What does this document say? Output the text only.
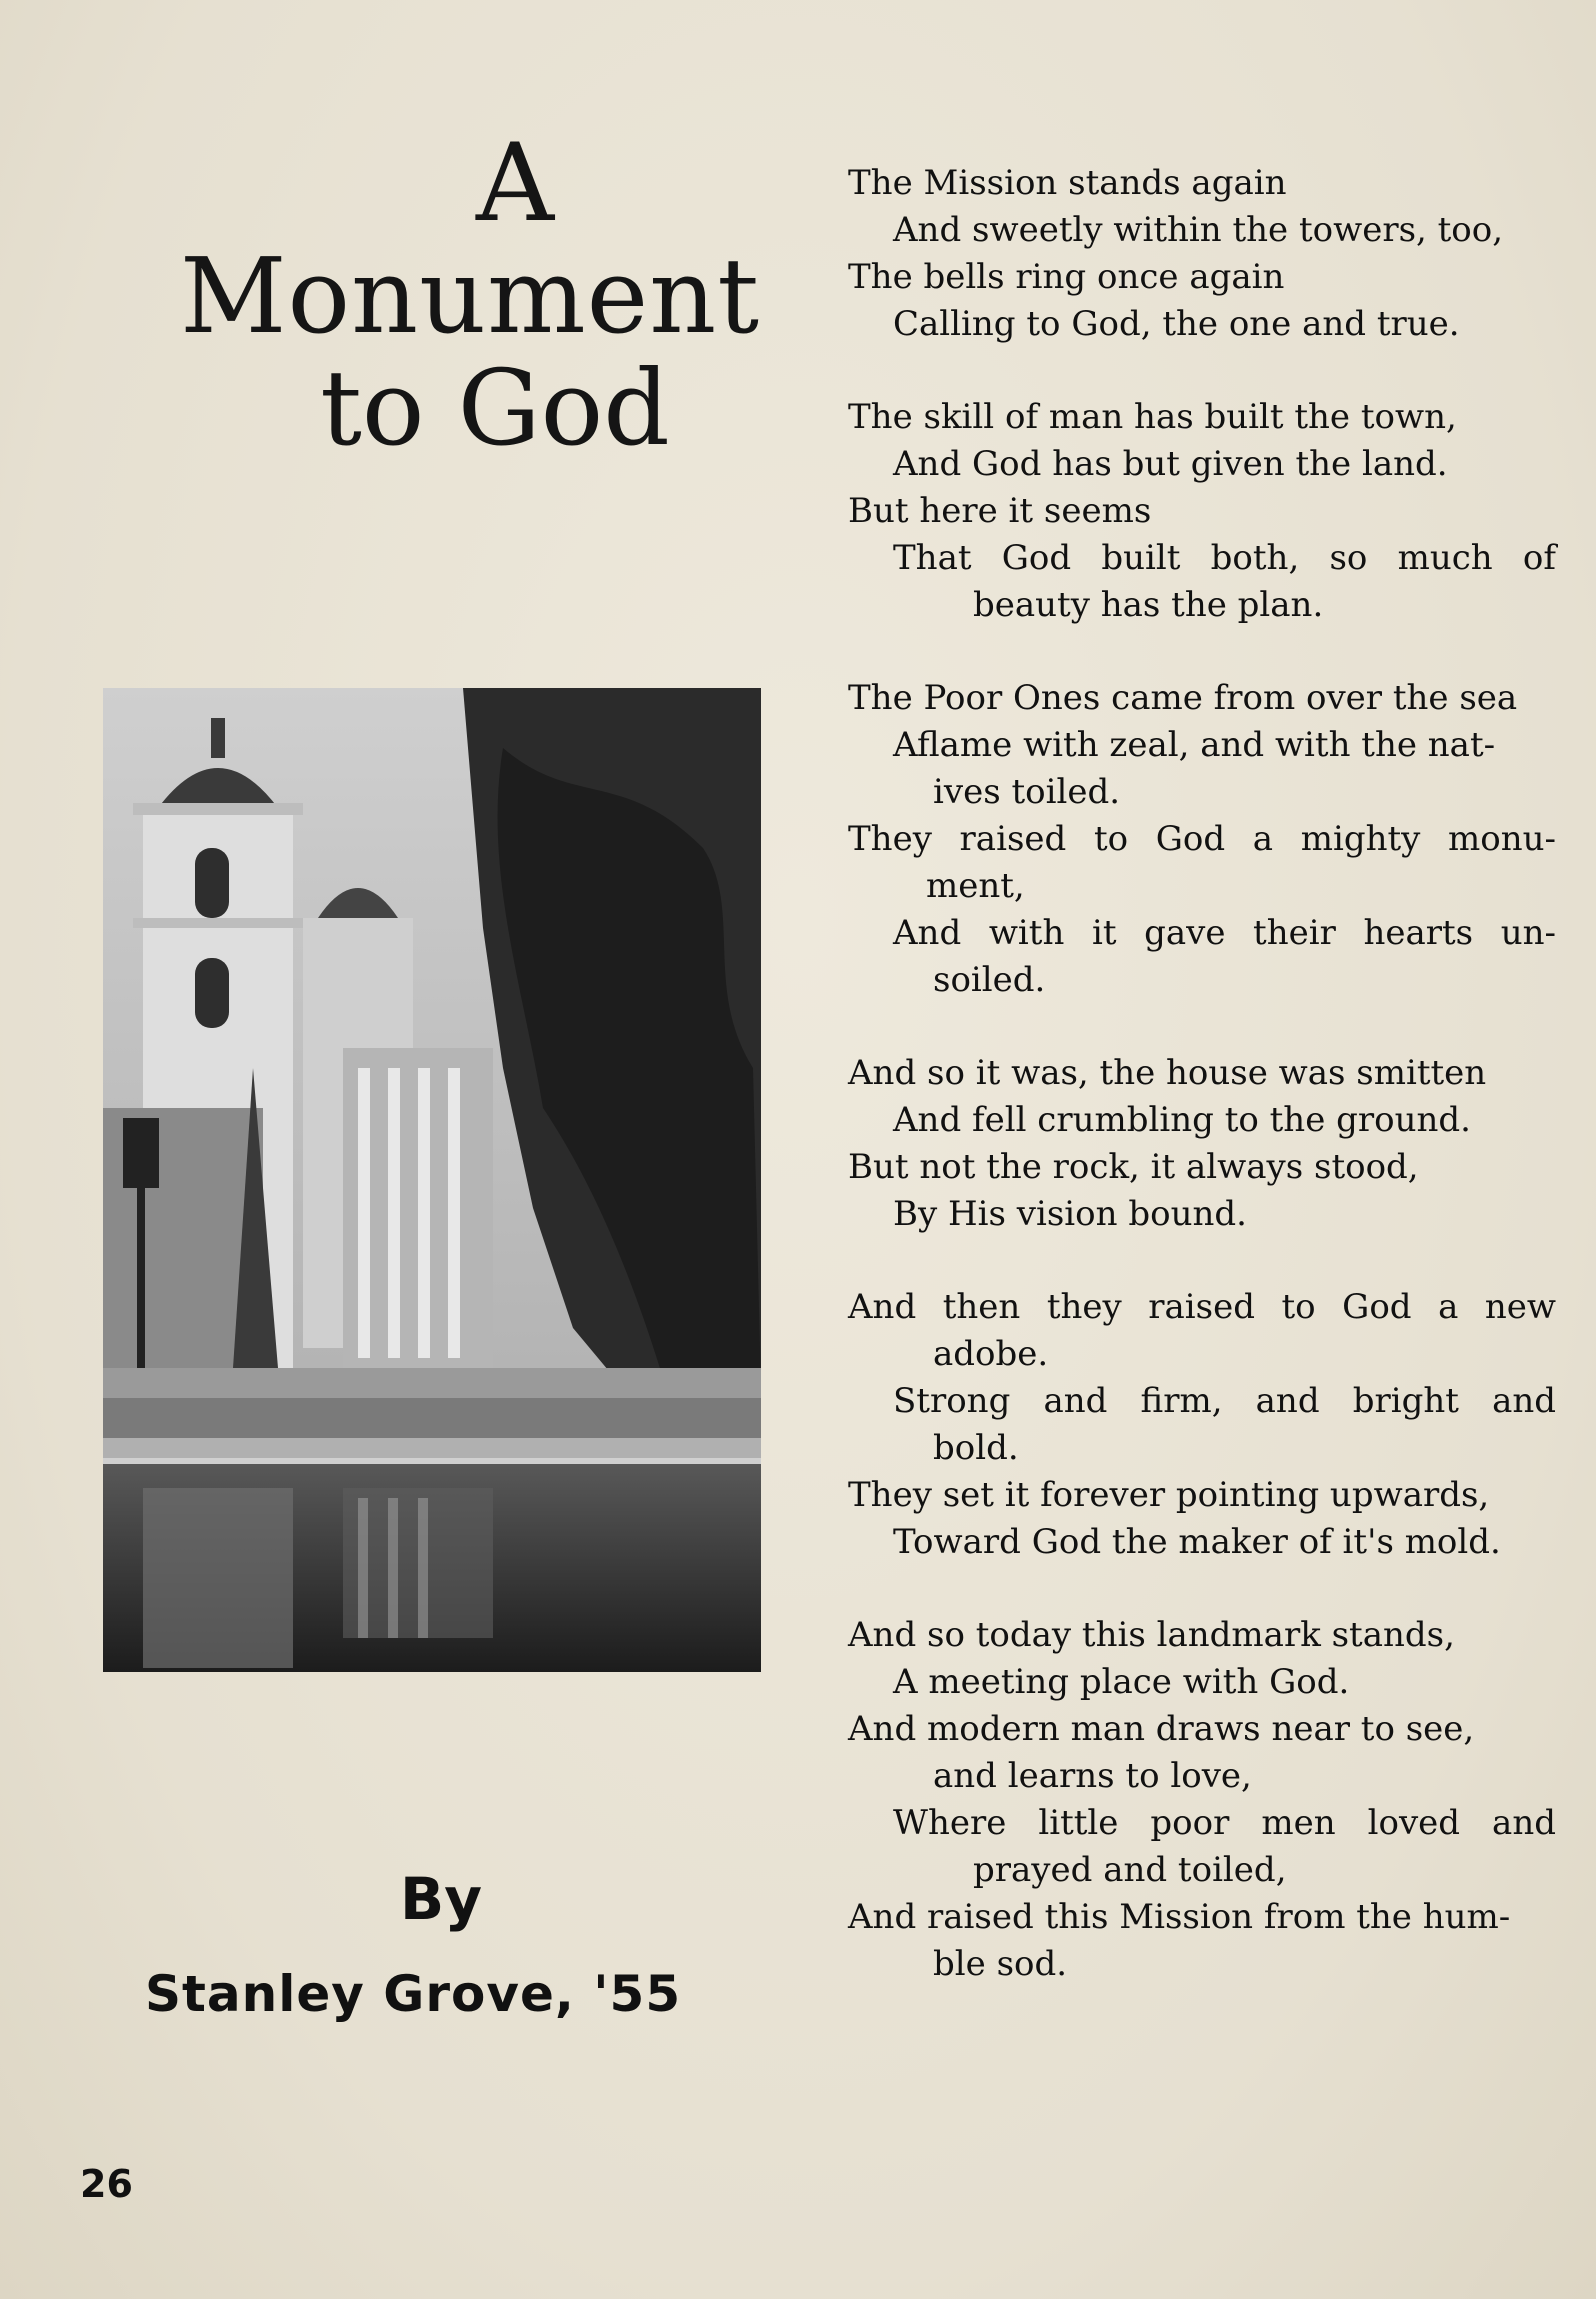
A
Monument
to God
By
Stanley Grove, '55
26
The Mission stands again
And sweetly within the towers, too,
The bells ring once again
Calling to God, the one and true.
The skill of man has built the town,
And God has but given the land.
But here it seems
That God built both, so much of
beauty has the plan.
The Poor Ones came from over the sea
Aflame with zeal, and with the nat-
ives toiled.
They raised to God a mighty monu-
ment,
And with it gave their hearts un-
soiled.
And so it was, the house was smitten
And fell crumbling to the ground.
But not the rock, it always stood,
By His vision bound.
And then they raised to God a new
adobe.
Strong and firm, and bright and
bold.
They set it forever pointing upwards,
Toward God the maker of it's mold.
And so today this landmark stands,
A meeting place with God.
And modern man draws near to see,
and learns to love,
Where little poor men loved and
prayed and toiled,
And raised this Mission from the hum-
ble sod.
